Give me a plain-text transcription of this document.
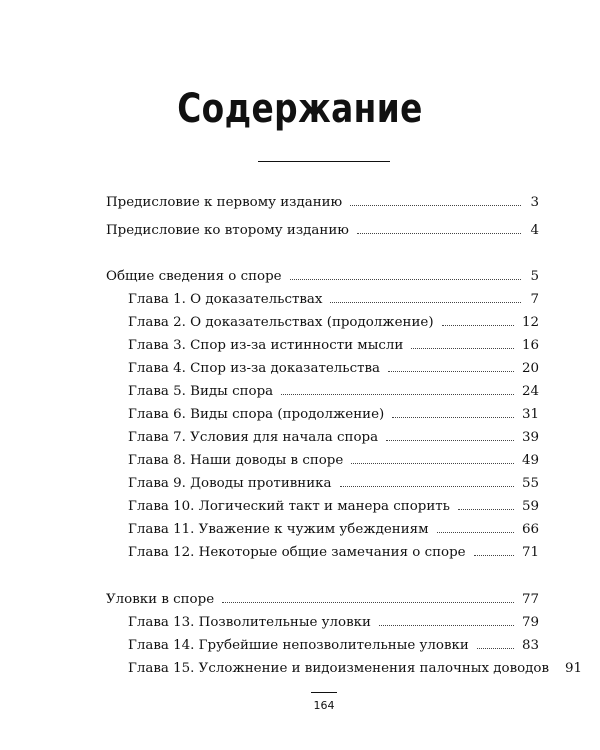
Содержание
Предисловие к первому изданию	3
Предисловие ко второму изданию	4
Общие сведения о споре	5
Глава 1. О доказательствах	7
Глава 2. О доказательствах (продолжение)	12
Глава 3. Спор из-за истинности мысли	16
Глава 4. Спор из-за доказательства	20
Глава 5. Виды спора	24
Глава 6. Виды спора (продолжение)	31
Глава 7. Условия для начала спора	39
Глава 8. Наши доводы в споре	49
Глава 9. Доводы противника	55
Глава 10. Логический такт и манера спорить	59
Глава 11. Уважение к чужим убеждениям	66
Глава 12. Некоторые общие замечания о споре	71
Уловки в споре	77
Глава 13. Позволительные уловки	79
Глава 14. Грубейшие непозволительные уловки	83
Глава 15. Усложнение и видоизменения палочных доводов 91
164
